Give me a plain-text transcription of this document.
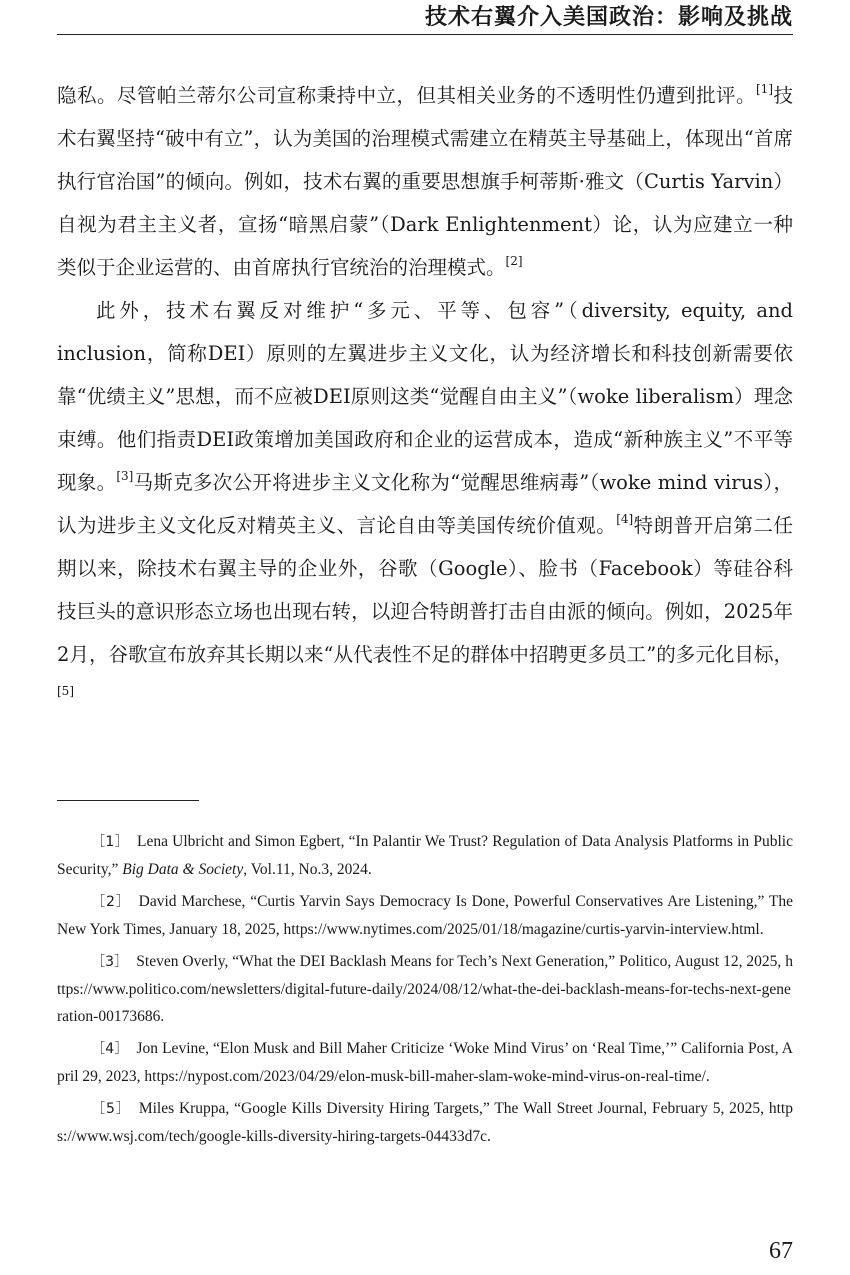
技术右翼介入美国政治：影响及挑战

隐私。尽管帕兰蒂尔公司宣称秉持中立，但其相关业务的不透明性仍遭到批评。[1]技术右翼坚持“破中有立”，认为美国的治理模式需建立在精英主导基础上，体现出“首席执行官治国”的倾向。例如，技术右翼的重要思想旗手柯蒂斯·雅文（Curtis Yarvin）自视为君主主义者，宣扬“暗黑启蒙”（Dark Enlightenment）论，认为应建立一种类似于企业运营的、由首席执行官统治的治理模式。[2]

此外，技术右翼反对维护“多元、平等、包容”（diversity, equity, and inclusion，简称DEI）原则的左翼进步主义文化，认为经济增长和科技创新需要依靠“优绩主义”思想，而不应被DEI原则这类“觉醒自由主义”（woke liberalism）理念束缚。他们指责DEI政策增加美国政府和企业的运营成本，造成“新种族主义”不平等现象。[3]马斯克多次公开将进步主义文化称为“觉醒思维病毒”（woke mind virus），认为进步主义文化反对精英主义、言论自由等美国传统价值观。[4]特朗普开启第二任期以来，除技术右翼主导的企业外，谷歌（Google）、脸书（Facebook）等硅谷科技巨头的意识形态立场也出现右转，以迎合特朗普打击自由派的倾向。例如，2025年2月，谷歌宣布放弃其长期以来“从代表性不足的群体中招聘更多员工”的多元化目标，[5]

［1］ Lena Ulbricht and Simon Egbert, “In Palantir We Trust? Regulation of Data Analysis Platforms in Public Security,” Big Data & Society, Vol.11, No.3, 2024.

［2］ David Marchese, “Curtis Yarvin Says Democracy Is Done, Powerful Conservatives Are Listening,” The New York Times, January 18, 2025, https://www.nytimes.com/2025/01/18/magazine/curtis-yarvin-interview.html.

［3］ Steven Overly, “What the DEI Backlash Means for Tech’s Next Generation,” Politico, August 12, 2025, https://www.politico.com/newsletters/digital-future-daily/2024/08/12/what-the-dei-backlash-means-for-techs-next-generation-00173686.

［4］ Jon Levine, “Elon Musk and Bill Maher Criticize ‘Woke Mind Virus’ on ‘Real Time,’” California Post, April 29, 2023, https://nypost.com/2023/04/29/elon-musk-bill-maher-slam-woke-mind-virus-on-real-time/.

［5］ Miles Kruppa, “Google Kills Diversity Hiring Targets,” The Wall Street Journal, February 5, 2025, https://www.wsj.com/tech/google-kills-diversity-hiring-targets-04433d7c.

67
